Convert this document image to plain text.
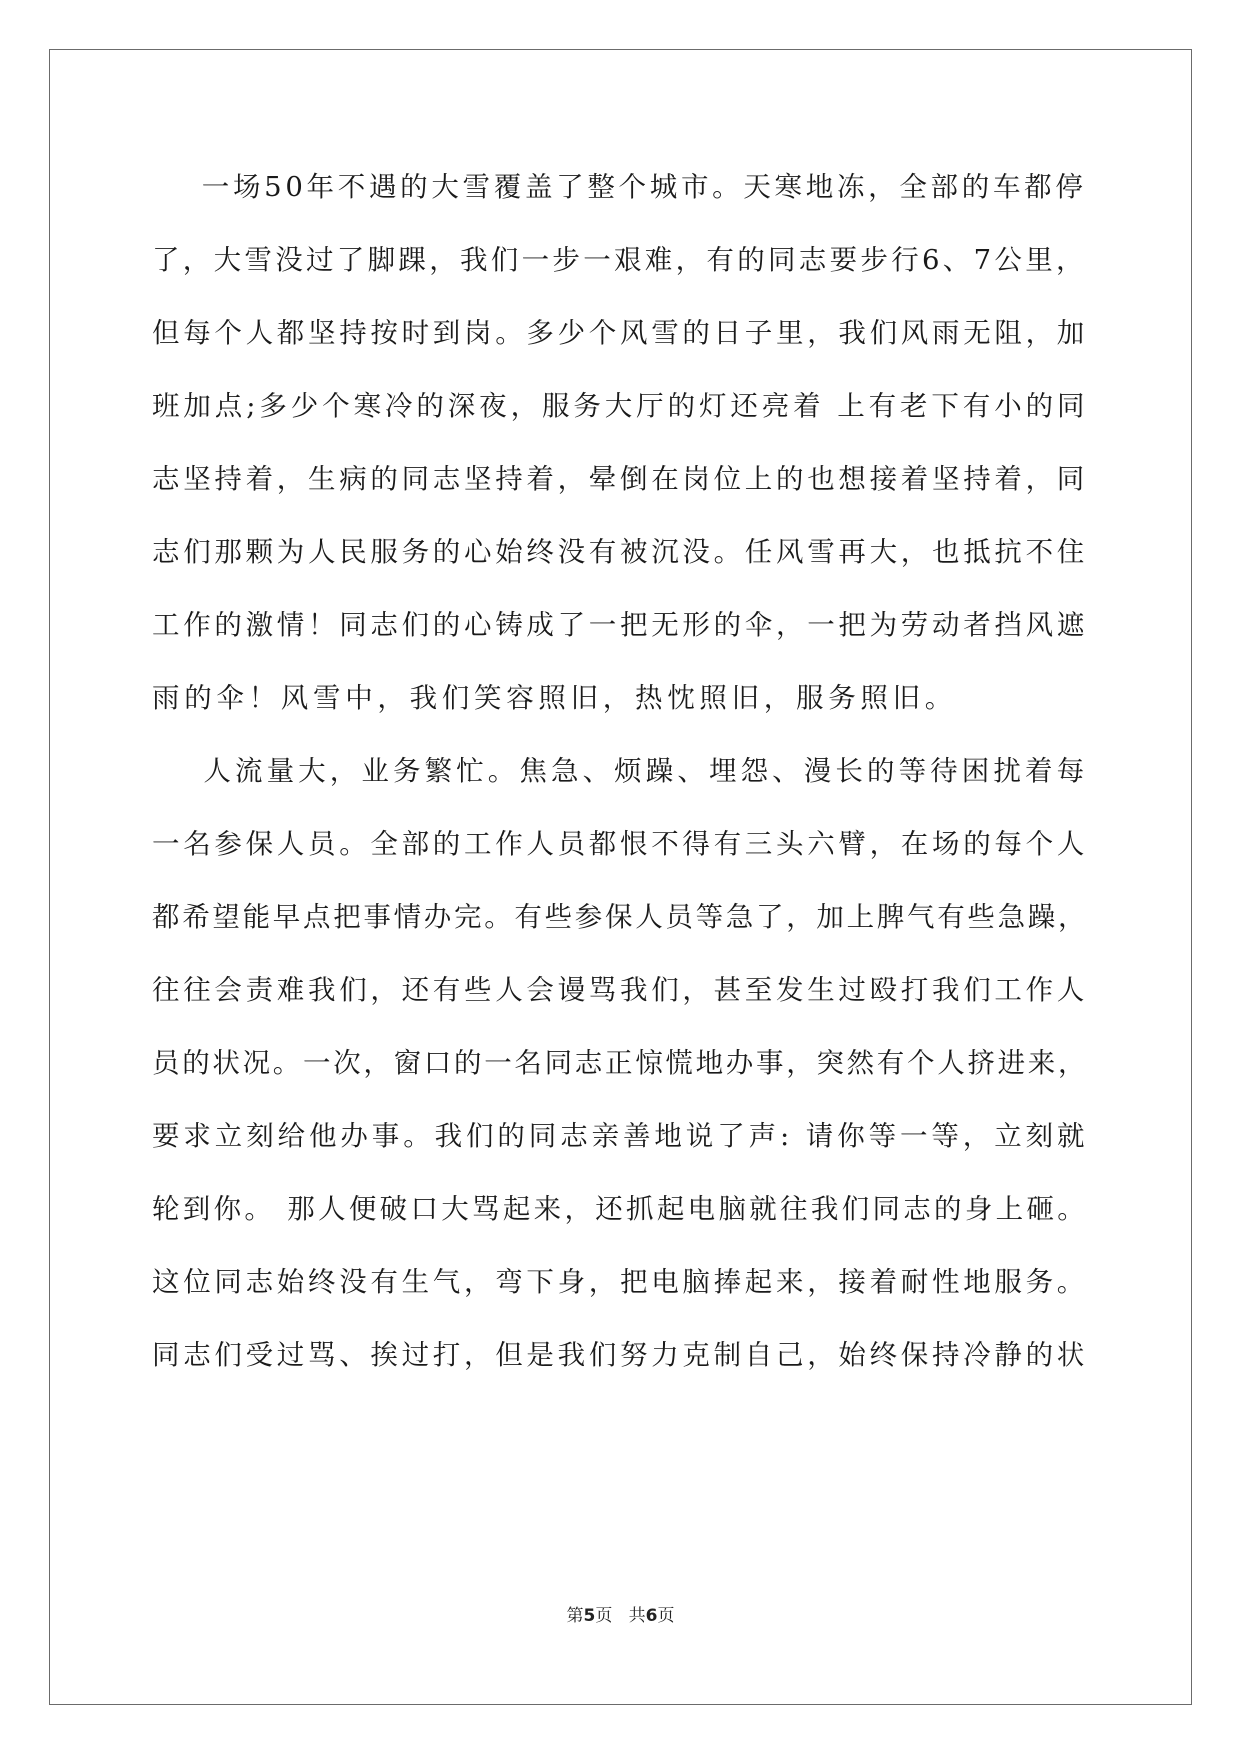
一场50年不遇的大雪覆盖了整个城市。天寒地冻，全部的车都停
了，大雪没过了脚踝，我们一步一艰难，有的同志要步行6、7公里，
但每个人都坚持按时到岗。多少个风雪的日子里，我们风雨无阻，加
班加点;多少个寒冷的深夜，服务大厅的灯还亮着 上有老下有小的同
志坚持着，生病的同志坚持着，晕倒在岗位上的也想接着坚持着，同
志们那颗为人民服务的心始终没有被沉没。任风雪再大，也抵抗不住
工作的激情！同志们的心铸成了一把无形的伞，一把为劳动者挡风遮
雨的伞！风雪中，我们笑容照旧，热忱照旧，服务照旧。
人流量大，业务繁忙。焦急、烦躁、埋怨、漫长的等待困扰着每
一名参保人员。全部的工作人员都恨不得有三头六臂，在场的每个人
都希望能早点把事情办完。有些参保人员等急了，加上脾气有些急躁，
往往会责难我们，还有些人会谩骂我们，甚至发生过殴打我们工作人
员的状况。一次，窗口的一名同志正惊慌地办事，突然有个人挤进来，
要求立刻给他办事。我们的同志亲善地说了声: 请你等一等，立刻就
轮到你。 那人便破口大骂起来，还抓起电脑就往我们同志的身上砸。
这位同志始终没有生气，弯下身，把电脑捧起来，接着耐性地服务。
同志们受过骂、挨过打，但是我们努力克制自己，始终保持冷静的状
第5页   共6页
